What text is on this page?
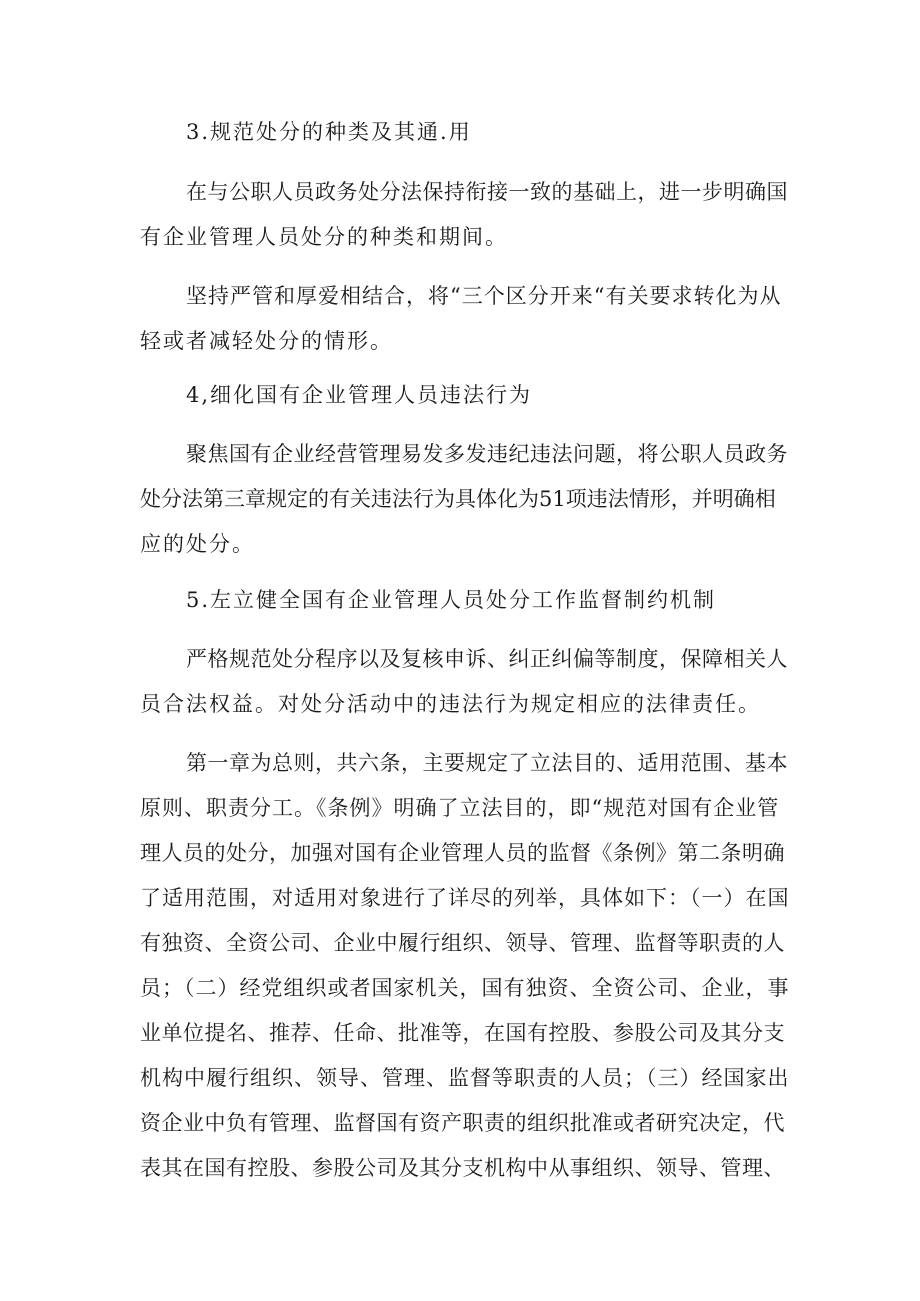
3.规范处分的种类及其通.用
在与公职人员政务处分法保持衔接一致的基础上，进一步明确国
有企业管理人员处分的种类和期间。
坚持严管和厚爱相结合，将“三个区分开来“有关要求转化为从
轻或者减轻处分的情形。
4,细化国有企业管理人员违法行为
聚焦国有企业经营管理易发多发违纪违法问题，将公职人员政务
处分法第三章规定的有关违法行为具体化为51项违法情形，并明确相
应的处分。
5.左立健全国有企业管理人员处分工作监督制约机制
严格规范处分程序以及复核申诉、纠正纠偏等制度，保障相关人
员合法权益。对处分活动中的违法行为规定相应的法律责任。
第一章为总则，共六条，主要规定了立法目的、适用范围、基本
原则、职责分工。《条例》明确了立法目的，即“规范对国有企业管
理人员的处分，加强对国有企业管理人员的监督《条例》第二条明确
了适用范围，对适用对象进行了详尽的列举，具体如下：（一）在国
有独资、全资公司、企业中履行组织、领导、管理、监督等职责的人
员；（二）经党组织或者国家机关，国有独资、全资公司、企业，事
业单位提名、推荐、任命、批准等，在国有控股、参股公司及其分支
机构中履行组织、领导、管理、监督等职责的人员；（三）经国家出
资企业中负有管理、监督国有资产职责的组织批准或者研究决定，代
表其在国有控股、参股公司及其分支机构中从事组织、领导、管理、
